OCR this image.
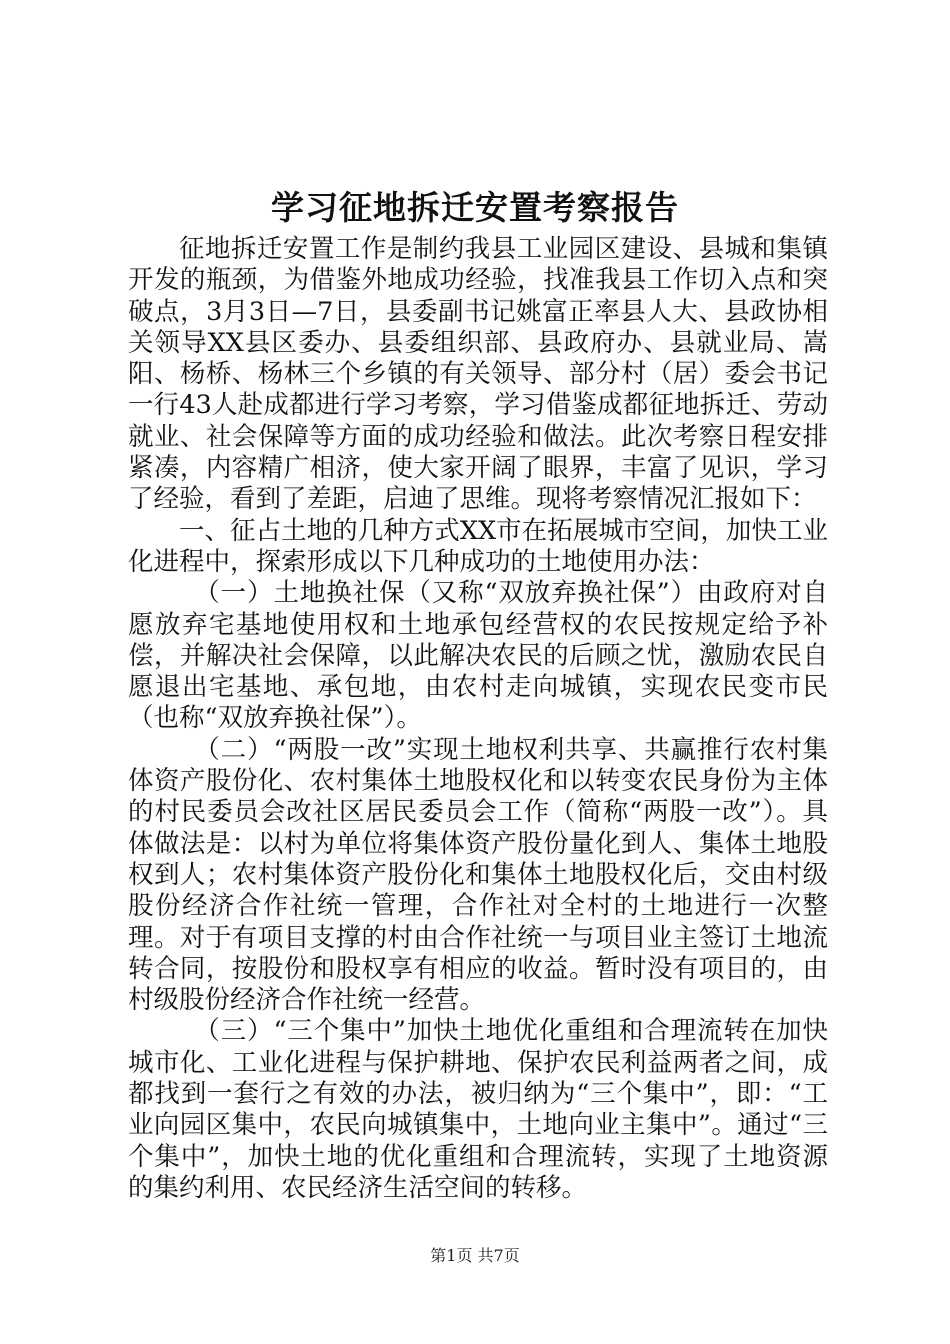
学习征地拆迁安置考察报告

征地拆迁安置工作是制约我县工业园区建设、县城和集镇开发的瓶颈，为借鉴外地成功经验，找准我县工作切入点和突破点，3月3日—7日，县委副书记姚富正率县人大、县政协相关领导XX县区委办、县委组织部、县政府办、县就业局、嵩阳、杨桥、杨林三个乡镇的有关领导、部分村（居）委会书记一行43人赴成都进行学习考察，学习借鉴成都征地拆迁、劳动就业、社会保障等方面的成功经验和做法。此次考察日程安排紧凑，内容精广相济，使大家开阔了眼界，丰富了见识，学习了经验，看到了差距，启迪了思维。现将考察情况汇报如下：

一、征占土地的几种方式XX市在拓展城市空间，加快工业化进程中，探索形成以下几种成功的土地使用办法：

（一）土地换社保（又称“双放弃换社保”）由政府对自愿放弃宅基地使用权和土地承包经营权的农民按规定给予补偿，并解决社会保障，以此解决农民的后顾之忧，激励农民自愿退出宅基地、承包地，由农村走向城镇，实现农民变市民（也称“双放弃换社保”）。

（二）“两股一改”实现土地权利共享、共赢推行农村集体资产股份化、农村集体土地股权化和以转变农民身份为主体的村民委员会改社区居民委员会工作（简称“两股一改”）。具体做法是：以村为单位将集体资产股份量化到人、集体土地股权到人；农村集体资产股份化和集体土地股权化后，交由村级股份经济合作社统一管理，合作社对全村的土地进行一次整理。对于有项目支撑的村由合作社统一与项目业主签订土地流转合同，按股份和股权享有相应的收益。暂时没有项目的，由村级股份经济合作社统一经营。

（三）“三个集中”加快土地优化重组和合理流转在加快城市化、工业化进程与保护耕地、保护农民利益两者之间，成都找到一套行之有效的办法，被归纳为“三个集中”，即：“工业向园区集中，农民向城镇集中，土地向业主集中”。通过“三个集中”，加快土地的优化重组和合理流转，实现了土地资源的集约利用、农民经济生活空间的转移。

第1页 共7页
